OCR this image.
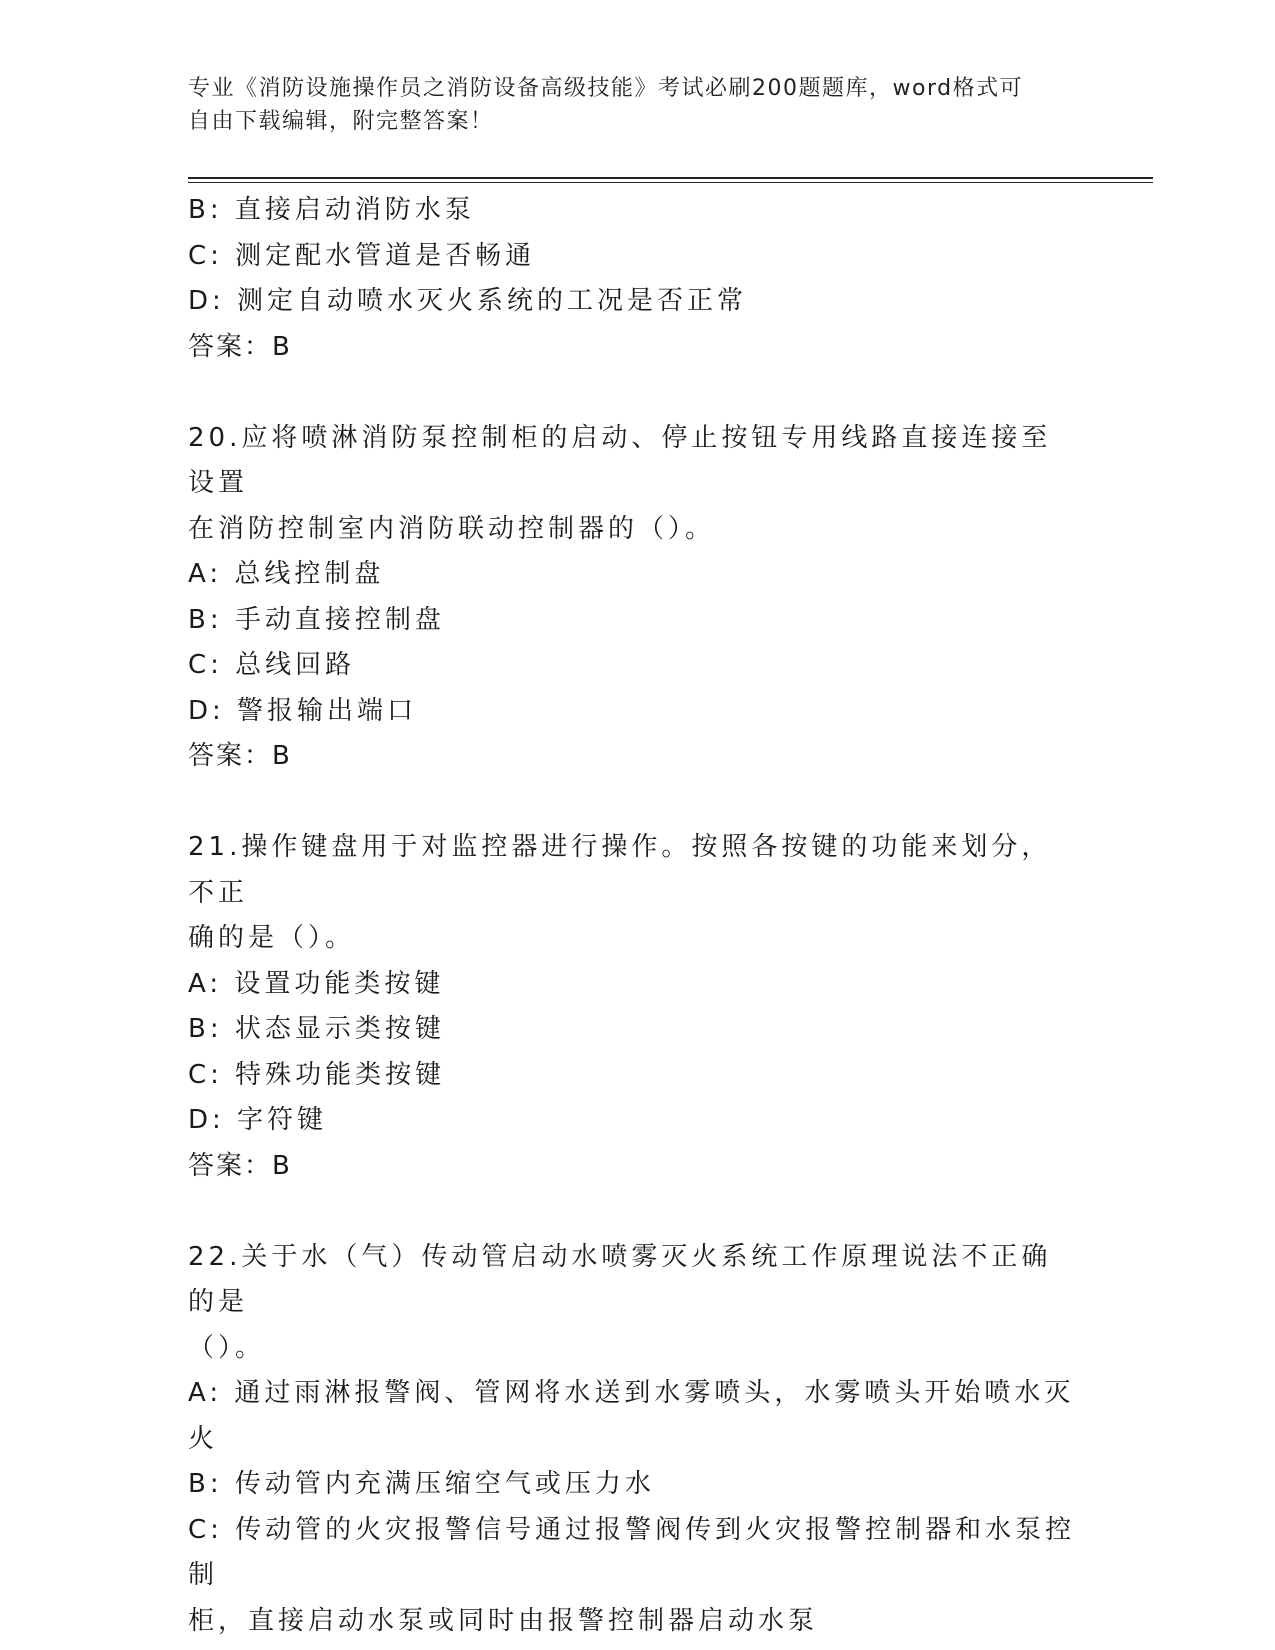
专业《消防设施操作员之消防设备高级技能》考试必刷200题题库，word格式可
自由下载编辑，附完整答案！

B: 直接启动消防水泵

C: 测定配水管道是否畅通

D: 测定自动喷水灭火系统的工况是否正常

答案：B

20.应将喷淋消防泵控制柜的启动、停止按钮专用线路直接连接至设置

在消防控制室内消防联动控制器的（）。

A: 总线控制盘

B: 手动直接控制盘

C: 总线回路

D: 警报输出端口

答案：B

21.操作键盘用于对监控器进行操作。按照各按键的功能来划分，不正

确的是（）。

A: 设置功能类按键

B: 状态显示类按键

C: 特殊功能类按键

D: 字符键

答案：B

22.关于水（气）传动管启动水喷雾灭火系统工作原理说法不正确的是

（）。

A: 通过雨淋报警阀、管网将水送到水雾喷头，水雾喷头开始喷水灭火

B: 传动管内充满压缩空气或压力水

C: 传动管的火灾报警信号通过报警阀传到火灾报警控制器和水泵控制

柜，直接启动水泵或同时由报警控制器启动水泵
